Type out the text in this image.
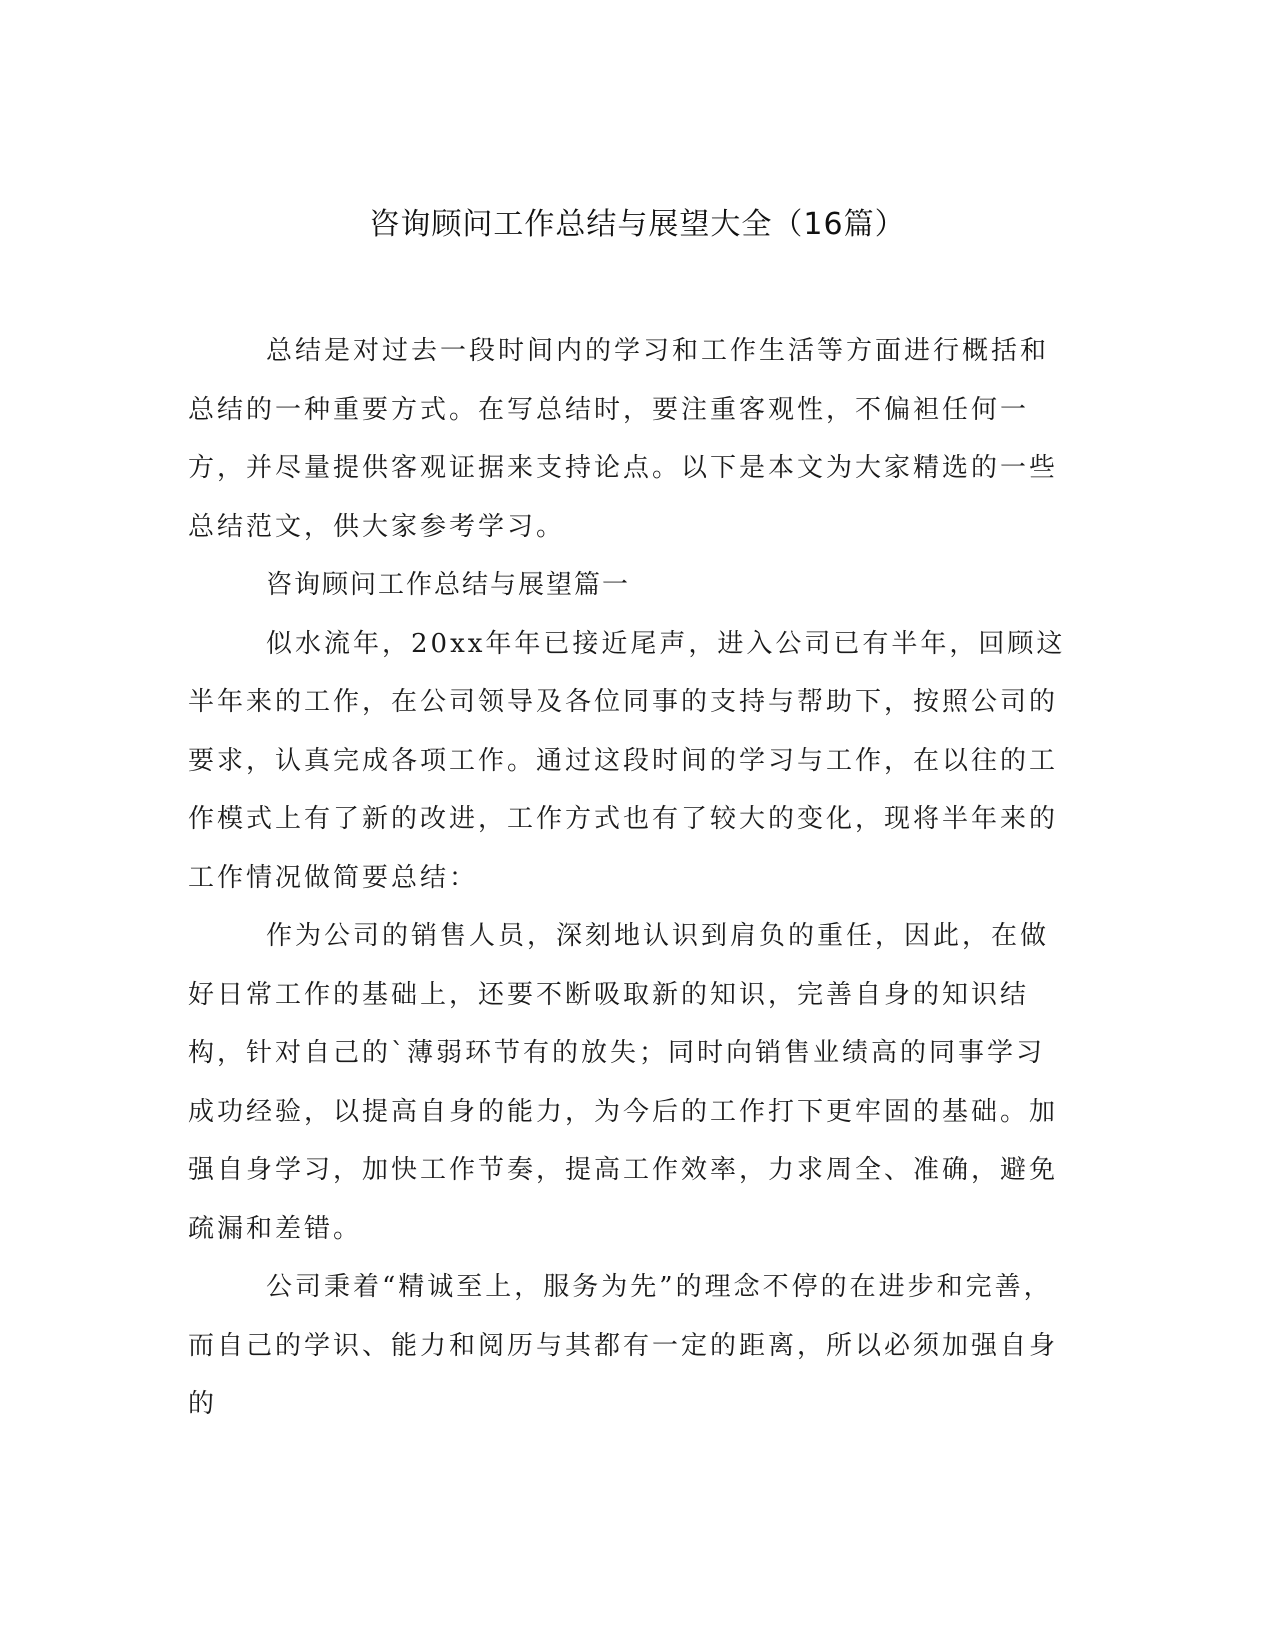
咨询顾问工作总结与展望大全（16篇）

总结是对过去一段时间内的学习和工作生活等方面进行概括和总结的一种重要方式。在写总结时，要注重客观性，不偏袒任何一方，并尽量提供客观证据来支持论点。以下是本文为大家精选的一些总结范文，供大家参考学习。

咨询顾问工作总结与展望篇一

似水流年，20xx年年已接近尾声，进入公司已有半年，回顾这半年来的工作，在公司领导及各位同事的支持与帮助下，按照公司的要求，认真完成各项工作。通过这段时间的学习与工作，在以往的工作模式上有了新的改进，工作方式也有了较大的变化，现将半年来的工作情况做简要总结：

作为公司的销售人员，深刻地认识到肩负的重任，因此，在做好日常工作的基础上，还要不断吸取新的知识，完善自身的知识结构，针对自己的`薄弱环节有的放失；同时向销售业绩高的同事学习成功经验，以提高自身的能力，为今后的工作打下更牢固的基础。加强自身学习，加快工作节奏，提高工作效率，力求周全、准确，避免疏漏和差错。

公司秉着“精诚至上，服务为先”的理念不停的在进步和完善，而自己的学识、能力和阅历与其都有一定的距离，所以必须加强自身的
